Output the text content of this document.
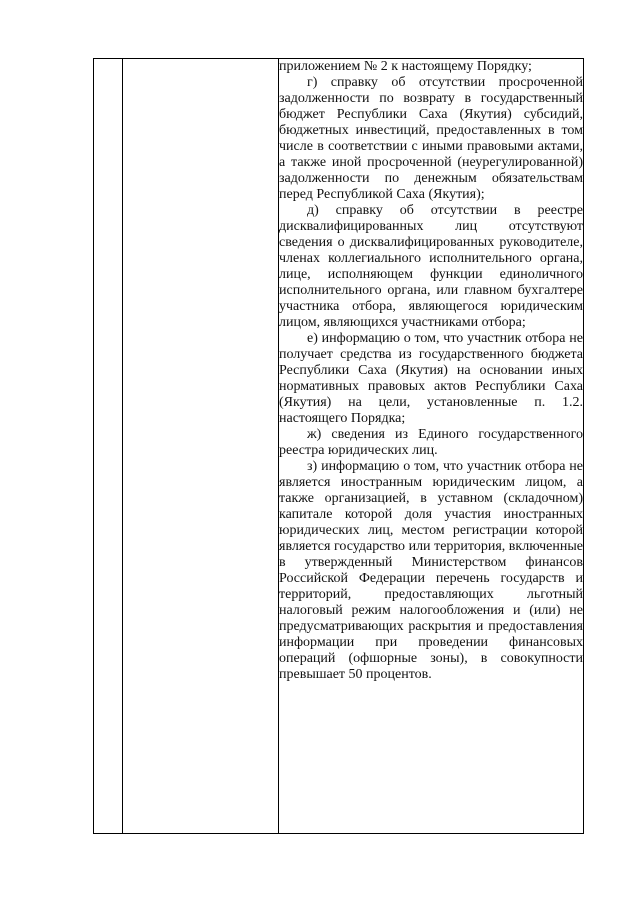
приложением № 2 к настоящему Порядку;

г) справку об отсутствии просроченной задолженности по возврату в государственный бюджет Республики Саха (Якутия) субсидий, бюджетных инвестиций, предоставленных в том числе в соответствии с иными правовыми актами, а также иной просроченной (неурегулированной) задолженности по денежным обязательствам перед Республикой Саха (Якутия);

д) справку об отсутствии в реестре дисквалифицированных лиц отсутствуют сведения о дисквалифицированных руководителе, членах коллегиального исполнительного органа, лице, исполняющем функции единоличного исполнительного органа, или главном бухгалтере участника отбора, являющегося юридическим лицом, являющихся участниками отбора;

е) информацию о том, что участник отбора не получает средства из государственного бюджета Республики Саха (Якутия) на основании иных нормативных правовых актов Республики Саха (Якутия) на цели, установленные п. 1.2. настоящего Порядка;

ж) сведения из Единого государственного реестра юридических лиц.

з) информацию о том, что участник отбора не является иностранным юридическим лицом, а также организацией, в уставном (складочном) капитале которой доля участия иностранных юридических лиц, местом регистрации которой является государство или территория, включенные в утвержденный Министерством финансов Российской Федерации перечень государств и территорий, предоставляющих льготный налоговый режим налогообложения и (или) не предусматривающих раскрытия и предоставления информации при проведении финансовых операций (офшорные зоны), в совокупности превышает 50 процентов.
